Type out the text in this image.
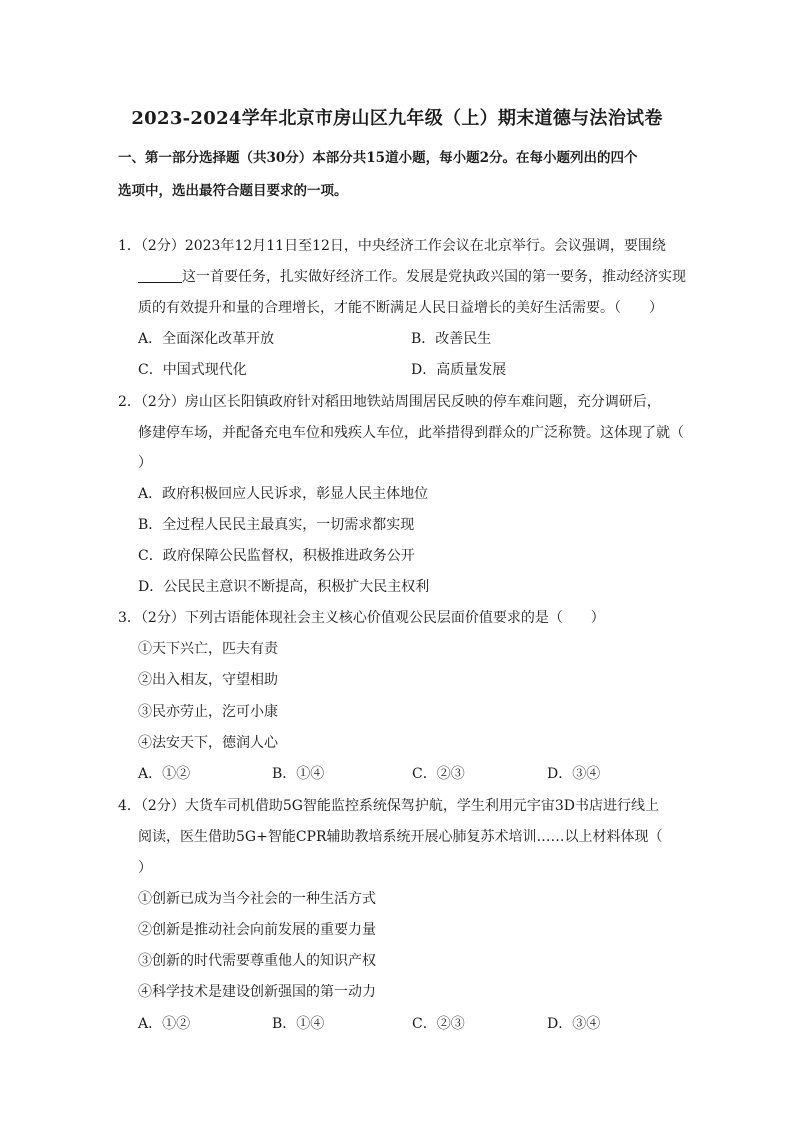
2023-2024学年北京市房山区九年级（上）期末道德与法治试卷
一、第一部分选择题（共30分）本部分共15道小题，每小题2分。在每小题列出的四个
选项中，选出最符合题目要求的一项。
1．（2分）2023年12月11日至12日，中央经济工作会议在北京举行。会议强调，要围绕
这一首要任务，扎实做好经济工作。发展是党执政兴国的第一要务，推动经济实现
质的有效提升和量的合理增长，才能不断满足人民日益增长的美好生活需要。（　　）
A．全面深化改革开放	B．改善民生
C．中国式现代化	D．高质量发展
2．（2分）房山区长阳镇政府针对稻田地铁站周围居民反映的停车难问题，充分调研后，
修建停车场，并配备充电车位和残疾人车位，此举措得到群众的广泛称赞。这体现了就（
）
A．政府积极回应人民诉求，彰显人民主体地位
B．全过程人民民主最真实，一切需求都实现
C．政府保障公民监督权，积极推进政务公开
D．公民民主意识不断提高，积极扩大民主权利
3．（2分）下列古语能体现社会主义核心价值观公民层面价值要求的是（　　）
①天下兴亡，匹夫有责
②出入相友，守望相助
③民亦劳止，汔可小康
④法安天下，德润人心
A．①②	B．①④	C．②③	D．③④
4．（2分）大货车司机借助5G智能监控系统保驾护航，学生利用元宇宙3D书店进行线上
阅读，医生借助5G+智能CPR辅助教培系统开展心肺复苏术培训……以上材料体现（
）
①创新已成为当今社会的一种生活方式
②创新是推动社会向前发展的重要力量
③创新的时代需要尊重他人的知识产权
④科学技术是建设创新强国的第一动力
A．①②	B．①④	C．②③	D．③④
